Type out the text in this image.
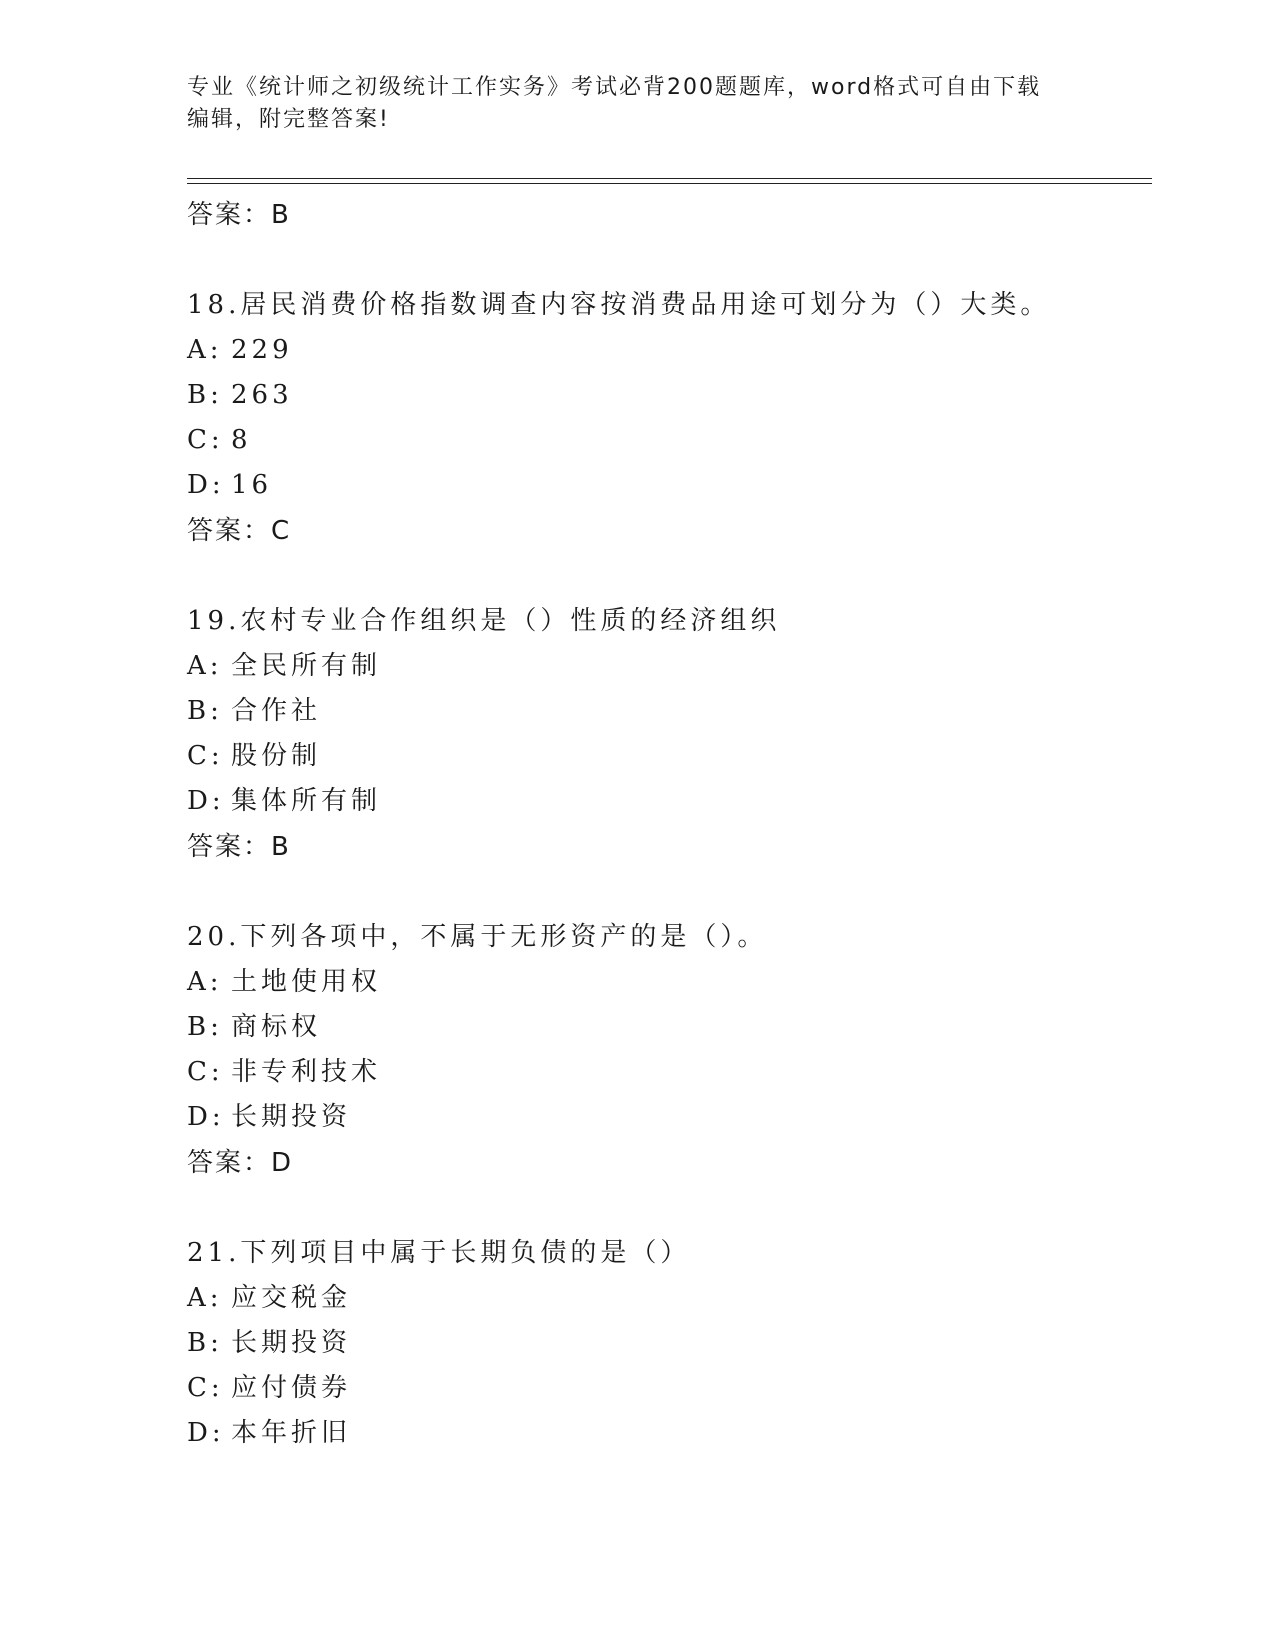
专业《统计师之初级统计工作实务》考试必背200题题库，word格式可自由下载
编辑，附完整答案!
答案：B
18.居民消费价格指数调查内容按消费品用途可划分为（）大类。
A: 229
B: 263
C: 8
D: 16
答案：C
19.农村专业合作组织是（）性质的经济组织
A: 全民所有制
B: 合作社
C: 股份制
D: 集体所有制
答案：B
20.下列各项中，不属于无形资产的是（）。
A: 土地使用权
B: 商标权
C: 非专利技术
D: 长期投资
答案：D
21.下列项目中属于长期负债的是（）
A: 应交税金
B: 长期投资
C: 应付债券
D: 本年折旧
